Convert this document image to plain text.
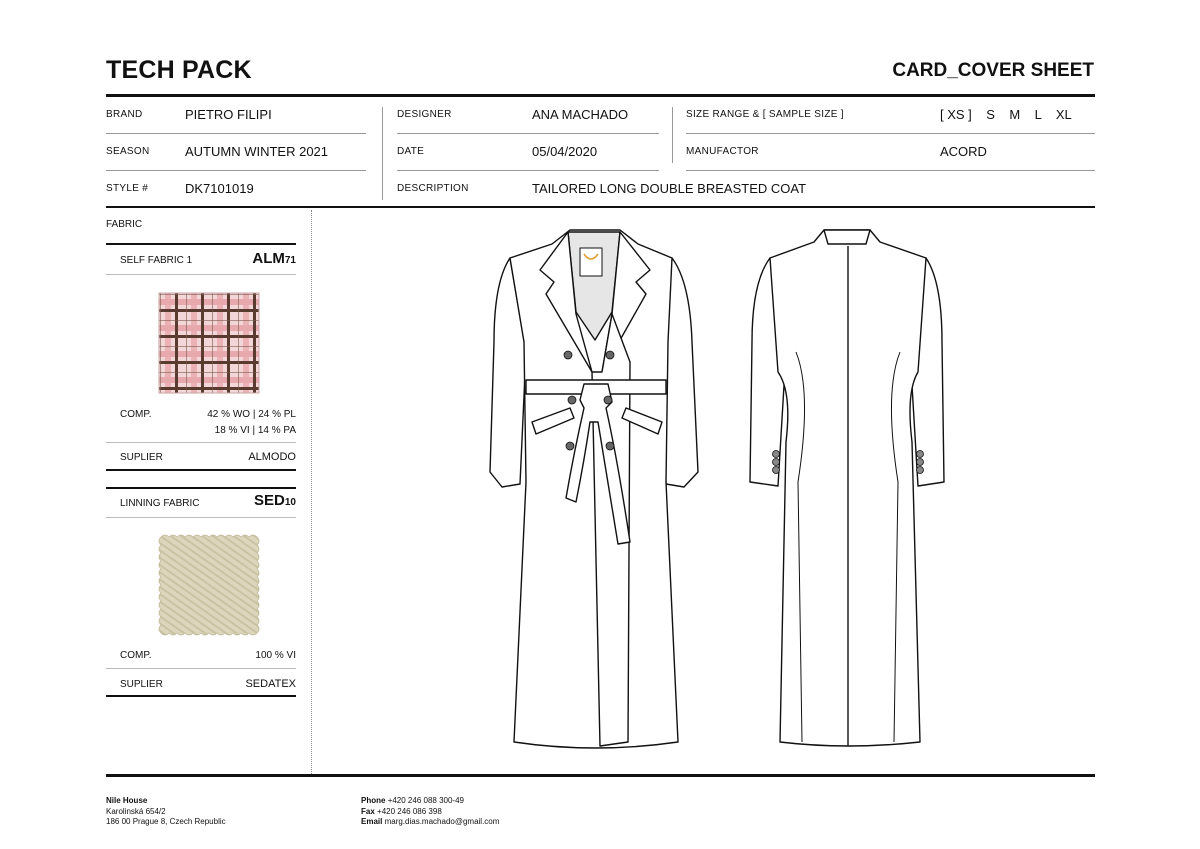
TECH PACK	CARD_COVER SHEET
BRAND	PIETRO FILIPI
SEASON	AUTUMN WINTER 2021
STYLE #	DK7101019
DESIGNER	ANA MACHADO
DATE	05/04/2020
DESCRIPTION	TAILORED LONG DOUBLE BREASTED COAT
SIZE RANGE & [ SAMPLE SIZE ]	[ XS ]    S    M    L    XL
MANUFACTOR	ACORD
FABRIC
SELF FABRIC 1	ALM71
COMP.	42 % WO | 24 % PL
18 % VI | 14 % PA
SUPLIER	ALMODO
LINNING FABRIC	SED10
COMP.	100 % VI
SUPLIER	SEDATEX
Nile House
Karolinská 654/2
186 00 Prague 8, Czech Republic
Phone +420 246 088 300-49
Fax +420 246 086 398
Email marg.dias.machado@gmail.com
